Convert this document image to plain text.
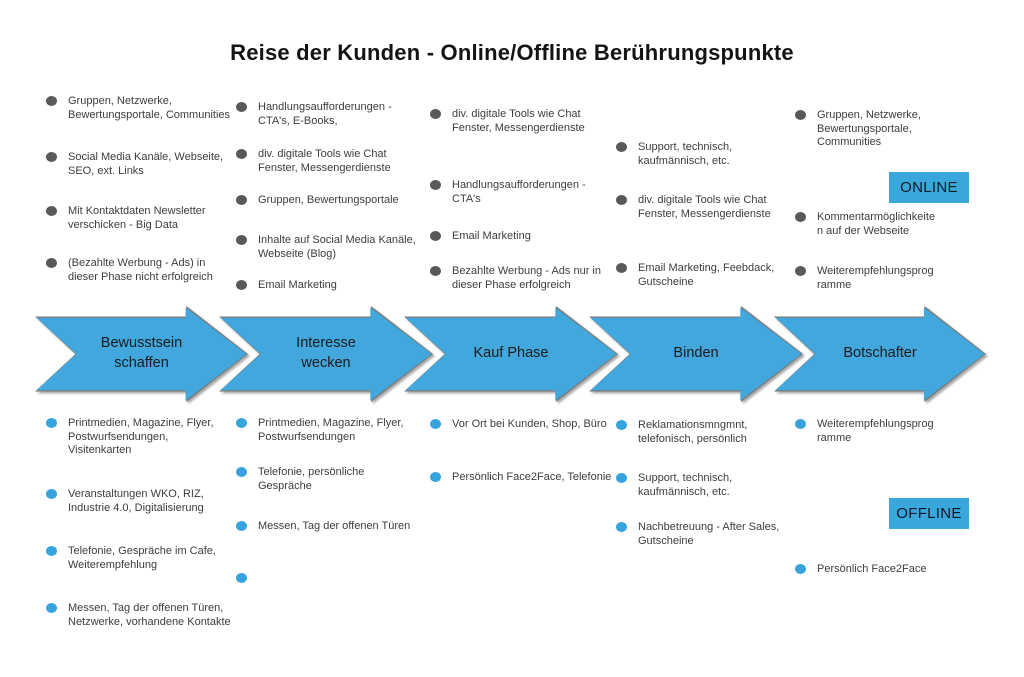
Reise der Kunden - Online/Offline Berührungspunkte
Gruppen, Netzwerke, Bewertungsportale, Communities
Social Media Kanäle, Webseite, SEO, ext. Links
Mit Kontaktdaten Newsletter verschicken - Big Data
(Bezahlte Werbung - Ads) in dieser Phase nicht erfolgreich
Handlungsaufforderungen - CTA's, E-Books,
div. digitale Tools wie Chat Fenster, Messengerdienste
Gruppen, Bewertungsportale
Inhalte auf Social Media Kanäle, Webseite (Blog)
Email Marketing
div. digitale Tools wie Chat Fenster, Messengerdienste
Handlungsaufforderungen - CTA's
Email Marketing
Bezahlte Werbung - Ads nur in dieser Phase erfolgreich
Support, technisch, kaufmännisch, etc.
div. digitale Tools wie Chat Fenster, Messengerdienste
Email Marketing, Feebdack, Gutscheine
Gruppen, Netzwerke, Bewertungsportale, Communities
Kommentarmöglichkeiten auf der Webseite
Weiterempfehlungsprogramme
ONLINE
Bewusstsein schaffen
Interesse wecken
Kauf Phase	Binden	Botschafter
Printmedien, Magazine, Flyer, Postwurfsendungen, Visitenkarten
Veranstaltungen WKO, RIZ, Industrie 4.0, Digitalisierung
Telefonie, Gespräche im Cafe, Weiterempfehlung
Messen, Tag der offenen Türen, Netzwerke, vorhandene Kontakte
Printmedien, Magazine, Flyer, Postwurfsendungen
Telefonie, persönliche Gespräche
Messen, Tag der offenen Türen
Vor Ort bei Kunden, Shop, Büro
Persönlich Face2Face, Telefonie
Reklamationsmngmnt, telefonisch, persönlich
Support, technisch, kaufmännisch, etc.
Nachbetreuung - After Sales, Gutscheine
Weiterempfehlungsprogramme
Persönlich Face2Face
OFFLINE
